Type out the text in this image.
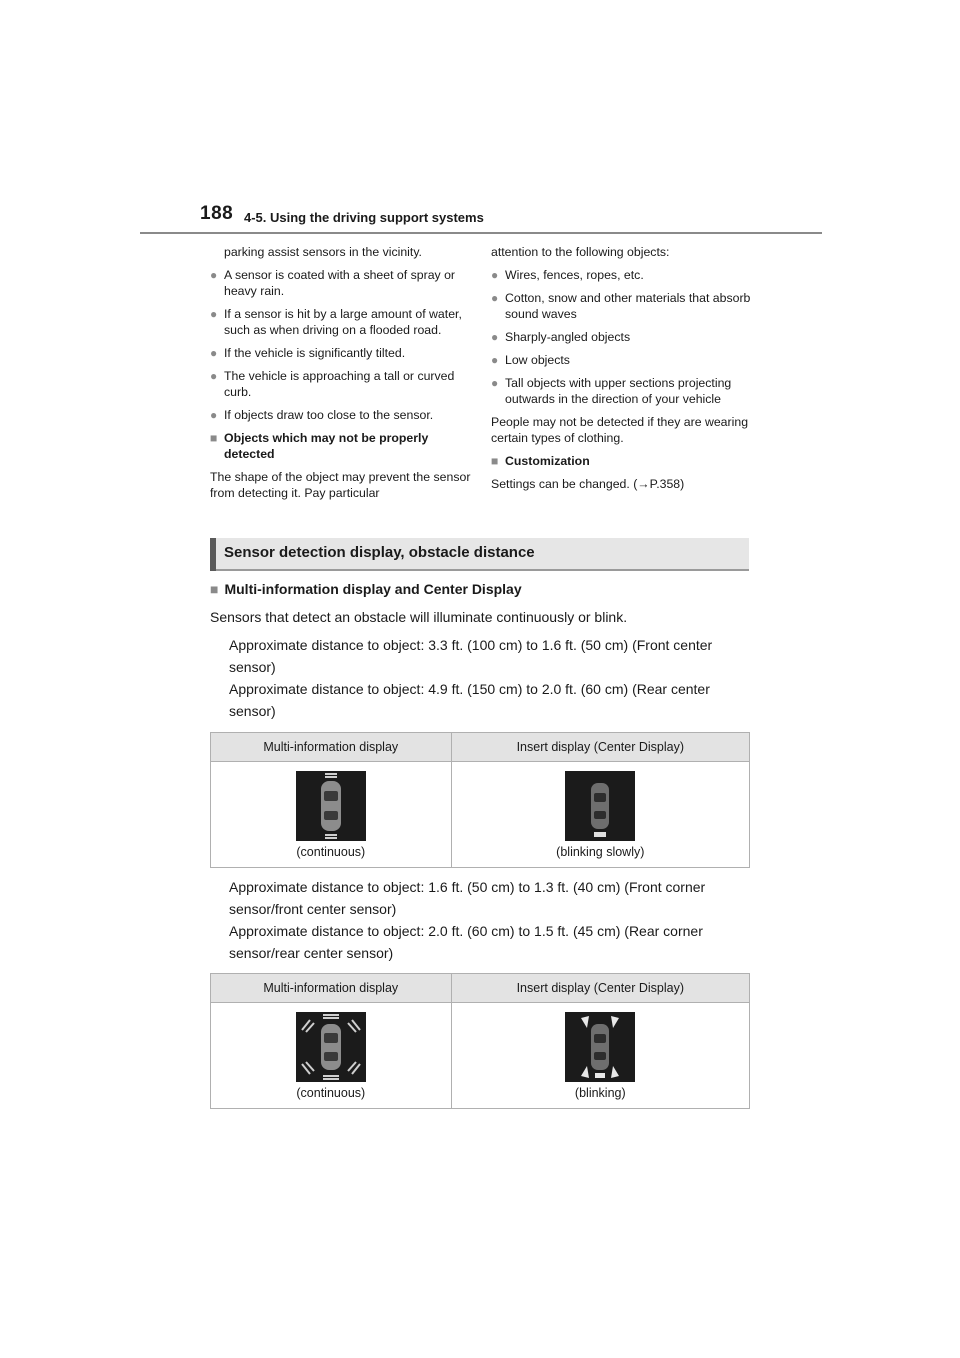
188 4-5. Using the driving support systems

parking assist sensors in the vicinity.

● A sensor is coated with a sheet of spray or heavy rain.
● If a sensor is hit by a large amount of water, such as when driving on a flooded road.
● If the vehicle is significantly tilted.
● The vehicle is approaching a tall or curved curb.
● If objects draw too close to the sensor.
■ Objects which may not be properly detected

The shape of the object may prevent the sensor from detecting it. Pay particular

attention to the following objects:

● Wires, fences, ropes, etc.
● Cotton, snow and other materials that absorb sound waves
● Sharply-angled objects
● Low objects
● Tall objects with upper sections projecting outwards in the direction of your vehicle

People may not be detected if they are wearing certain types of clothing.

■ Customization

Settings can be changed. (→P.358)

Sensor detection display, obstacle distance
■ Multi-information display and Center Display
Sensors that detect an obstacle will illuminate continuously or blink.
Approximate distance to object: 3.3 ft. (100 cm) to 1.6 ft. (50 cm) (Front center sensor)
Approximate distance to object: 4.9 ft. (150 cm) to 2.0 ft. (60 cm) (Rear center sensor)
Multi-information display	Insert display (Center Display)

(continuous)	(blinking slowly)
Approximate distance to object: 1.6 ft. (50 cm) to 1.3 ft. (40 cm) (Front corner sensor/front center sensor)
Approximate distance to object: 2.0 ft. (60 cm) to 1.5 ft. (45 cm) (Rear corner sensor/rear center sensor)
Multi-information display	Insert display (Center Display)

(continuous)	(blinking)
